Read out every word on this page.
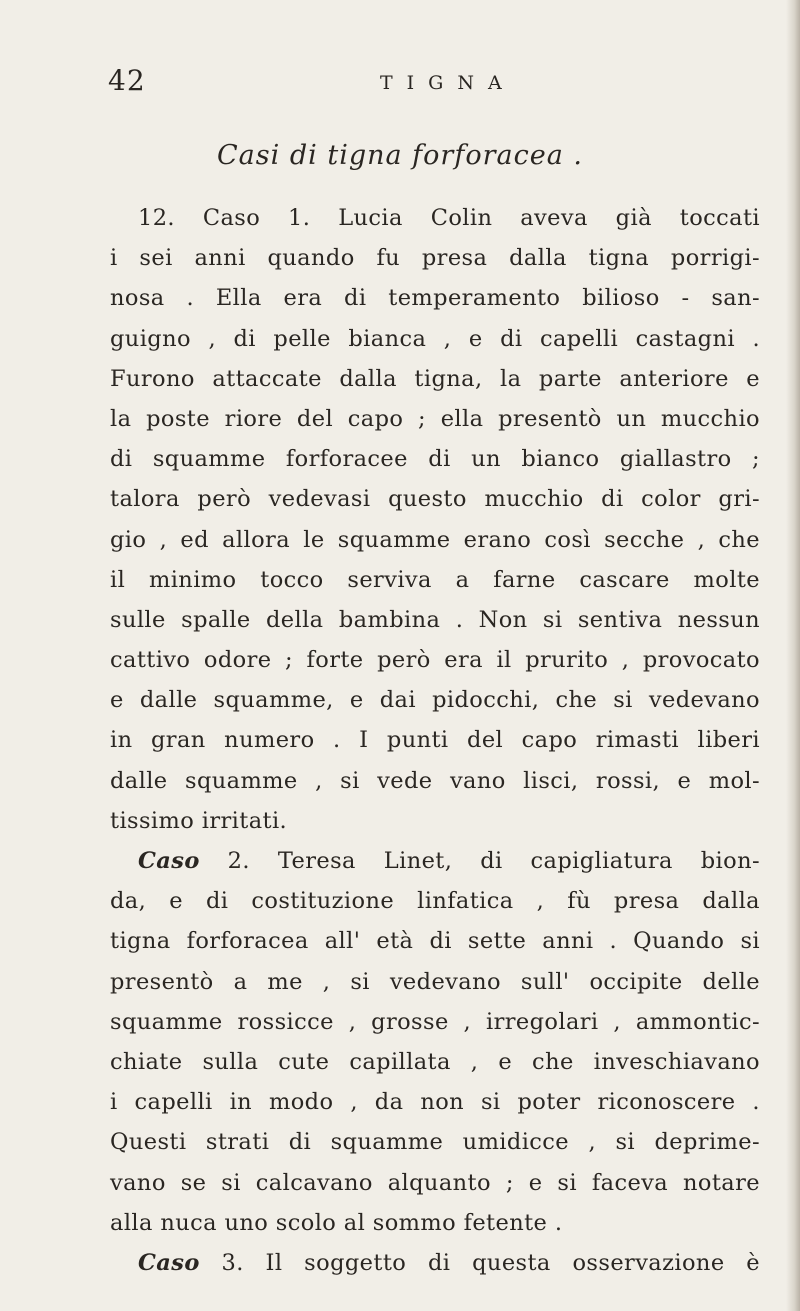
42	TIGNA
Casi di tigna forforacea .
12. Caso 1. Lucia Colin aveva già toccati
i sei anni quando fu presa dalla tigna porrigi-
nosa . Ella era di temperamento bilioso - san-
guigno , di pelle bianca , e di capelli castagni .
Furono attaccate dalla tigna, la parte anteriore e
la poste riore del capo ; ella presentò un mucchio
di squamme forforacee di un bianco giallastro ;
talora però vedevasi questo mucchio di color gri-
gio , ed allora le squamme erano così secche , che
il minimo tocco serviva a farne cascare molte
sulle spalle della bambina . Non si sentiva nessun
cattivo odore ; forte però era il prurito , provocato
e dalle squamme, e dai pidocchi, che si vedevano
in gran numero . I punti del capo rimasti liberi
dalle squamme , si vede vano lisci, rossi, e mol-
tissimo irritati.
Caso 2. Teresa Linet, di capigliatura bion-
da, e di costituzione linfatica , fù presa dalla
tigna forforacea all' età di sette anni . Quando si
presentò a me , si vedevano sull' occipite delle
squamme rossicce , grosse , irregolari , ammontic-
chiate sulla cute capillata , e che inveschiavano
i capelli in modo , da non si poter riconoscere .
Questi strati di squamme umidicce , si deprime-
vano se si calcavano alquanto ; e si faceva notare
alla nuca uno scolo al sommo fetente .
Caso 3. Il soggetto di questa osservazione è
